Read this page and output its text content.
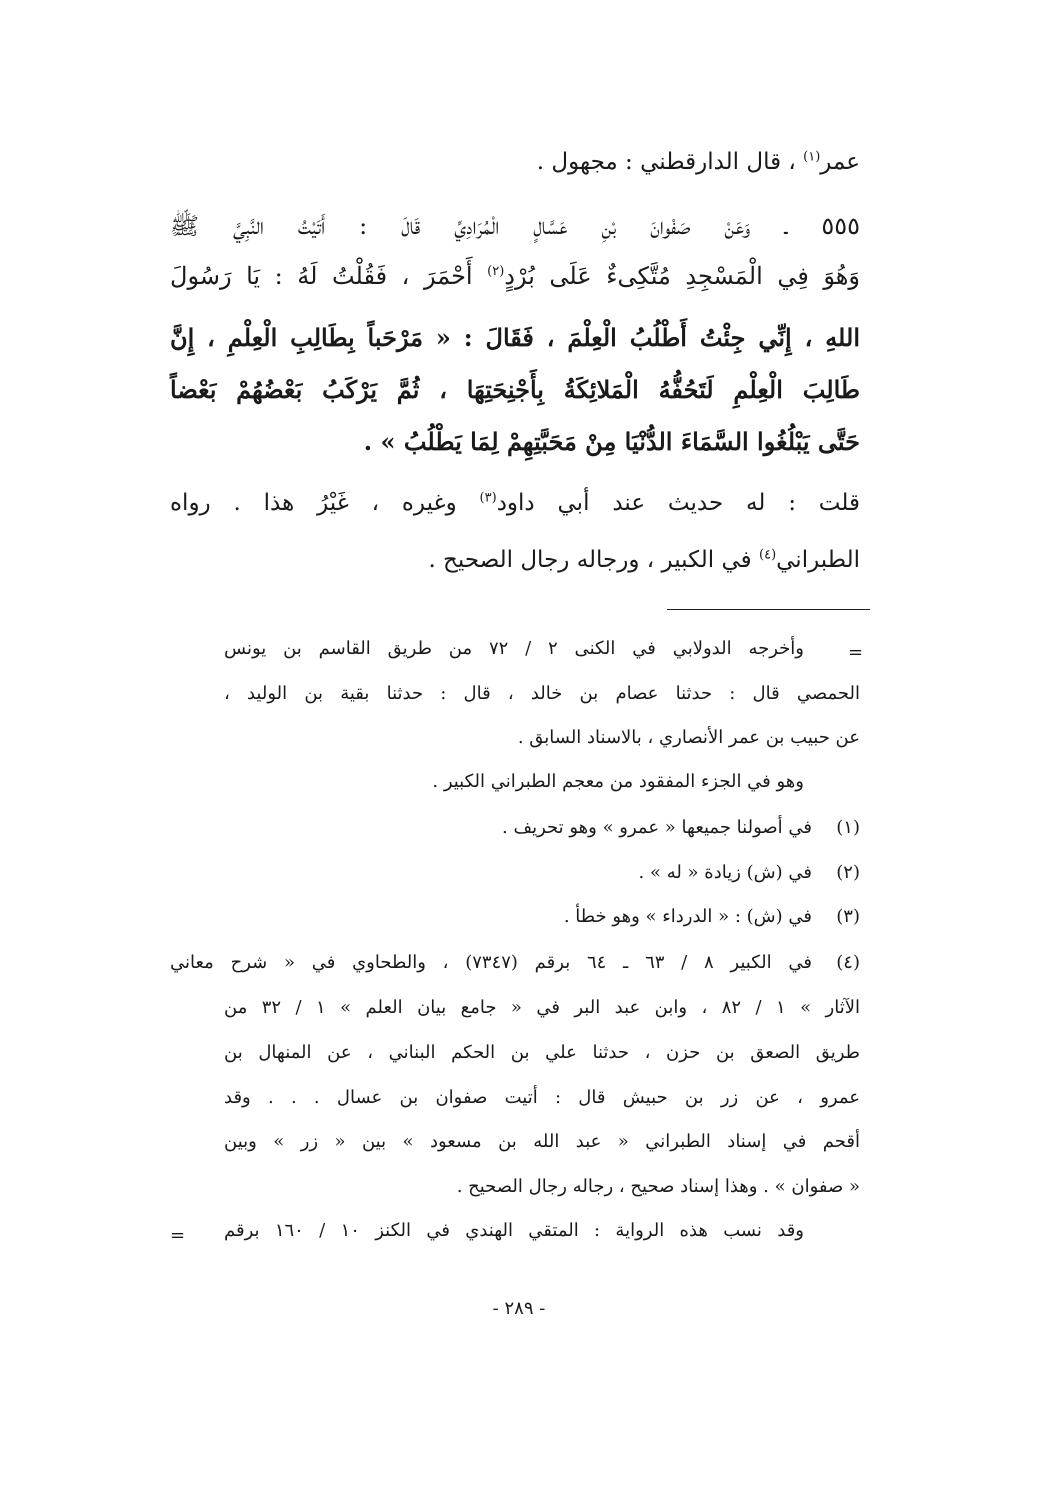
عمر$^{(١)}$ ، قال الدارقطني : مجهول .
٥٥٥ ـ وَعَنْ صَفْوانَ بْنِ عَسَّالٍ الْمُرَادِيِّ قَالَ : أَتَيْتُ النَّبِيَّ ﷺ
وَهُوَ فِي الْمَسْجِدِ مُتَّكِىءٌ عَلَى بُرْدٍ$^{(٢)}$ أَحْمَرَ ، فَقُلْتُ لَهُ : يَا رَسُولَ
اللهِ ، إِنِّي جِئْتُ أَطْلُبُ الْعِلْمَ ، فَقَالَ : « مَرْحَباً بِطَالِبِ الْعِلْمِ ، إِنَّ
طَالِبَ الْعِلْمِ لَتَحُفُّهُ الْمَلائِكَةُ بِأَجْنِحَتِهَا ، ثُمَّ يَرْكَبُ بَعْضُهُمْ بَعْضاً
حَتَّى يَبْلُغُوا السَّمَاءَ الدُّنْيَا مِنْ مَحَبَّتِهِمْ لِمَا يَطْلُبُ » .
قلت : له حديث عند أبي داود$^{(٣)}$ وغيره ، غَيْرُ هذا . رواه
الطبراني$^{(٤)}$ في الكبير ، ورجاله رجال الصحيح .
=
وأخرجه الدولابي في الكنى ٢ / ٧٢ من طريق القاسم بن يونس
الحمصي قال : حدثنا عصام بن خالد ، قال : حدثنا بقية بن الوليد ،
عن حبيب بن عمر الأنصاري ، بالاسناد السابق .
وهو في الجزء المفقود من معجم الطبراني الكبير .
(١)في أصولنا جميعها « عمرو » وهو تحريف .
(٢)في (ش) زيادة « له » .
(٣)في (ش) : « الدرداء » وهو خطأ .
(٤)في الكبير ٨ / ٦٣ ـ ٦٤ برقم (٧٣٤٧) ، والطحاوي في « شرح معاني
الآثار » ١ / ٨٢ ، وابن عبد البر في « جامع بيان العلم » ١ / ٣٢ من
طريق الصعق بن حزن ، حدثنا علي بن الحكم البناني ، عن المنهال بن
عمرو ، عن زر بن حبيش قال : أتيت صفوان بن عسال . . . وقد
أقحم في إسناد الطبراني « عبد الله بن مسعود » بين « زر » وبين
« صفوان » . وهذا إسناد صحيح ، رجاله رجال الصحيح .
وقد نسب هذه الرواية : المتقي الهندي في الكنز ١٠ / ١٦٠ برقم
=
- ٢٨٩ -
